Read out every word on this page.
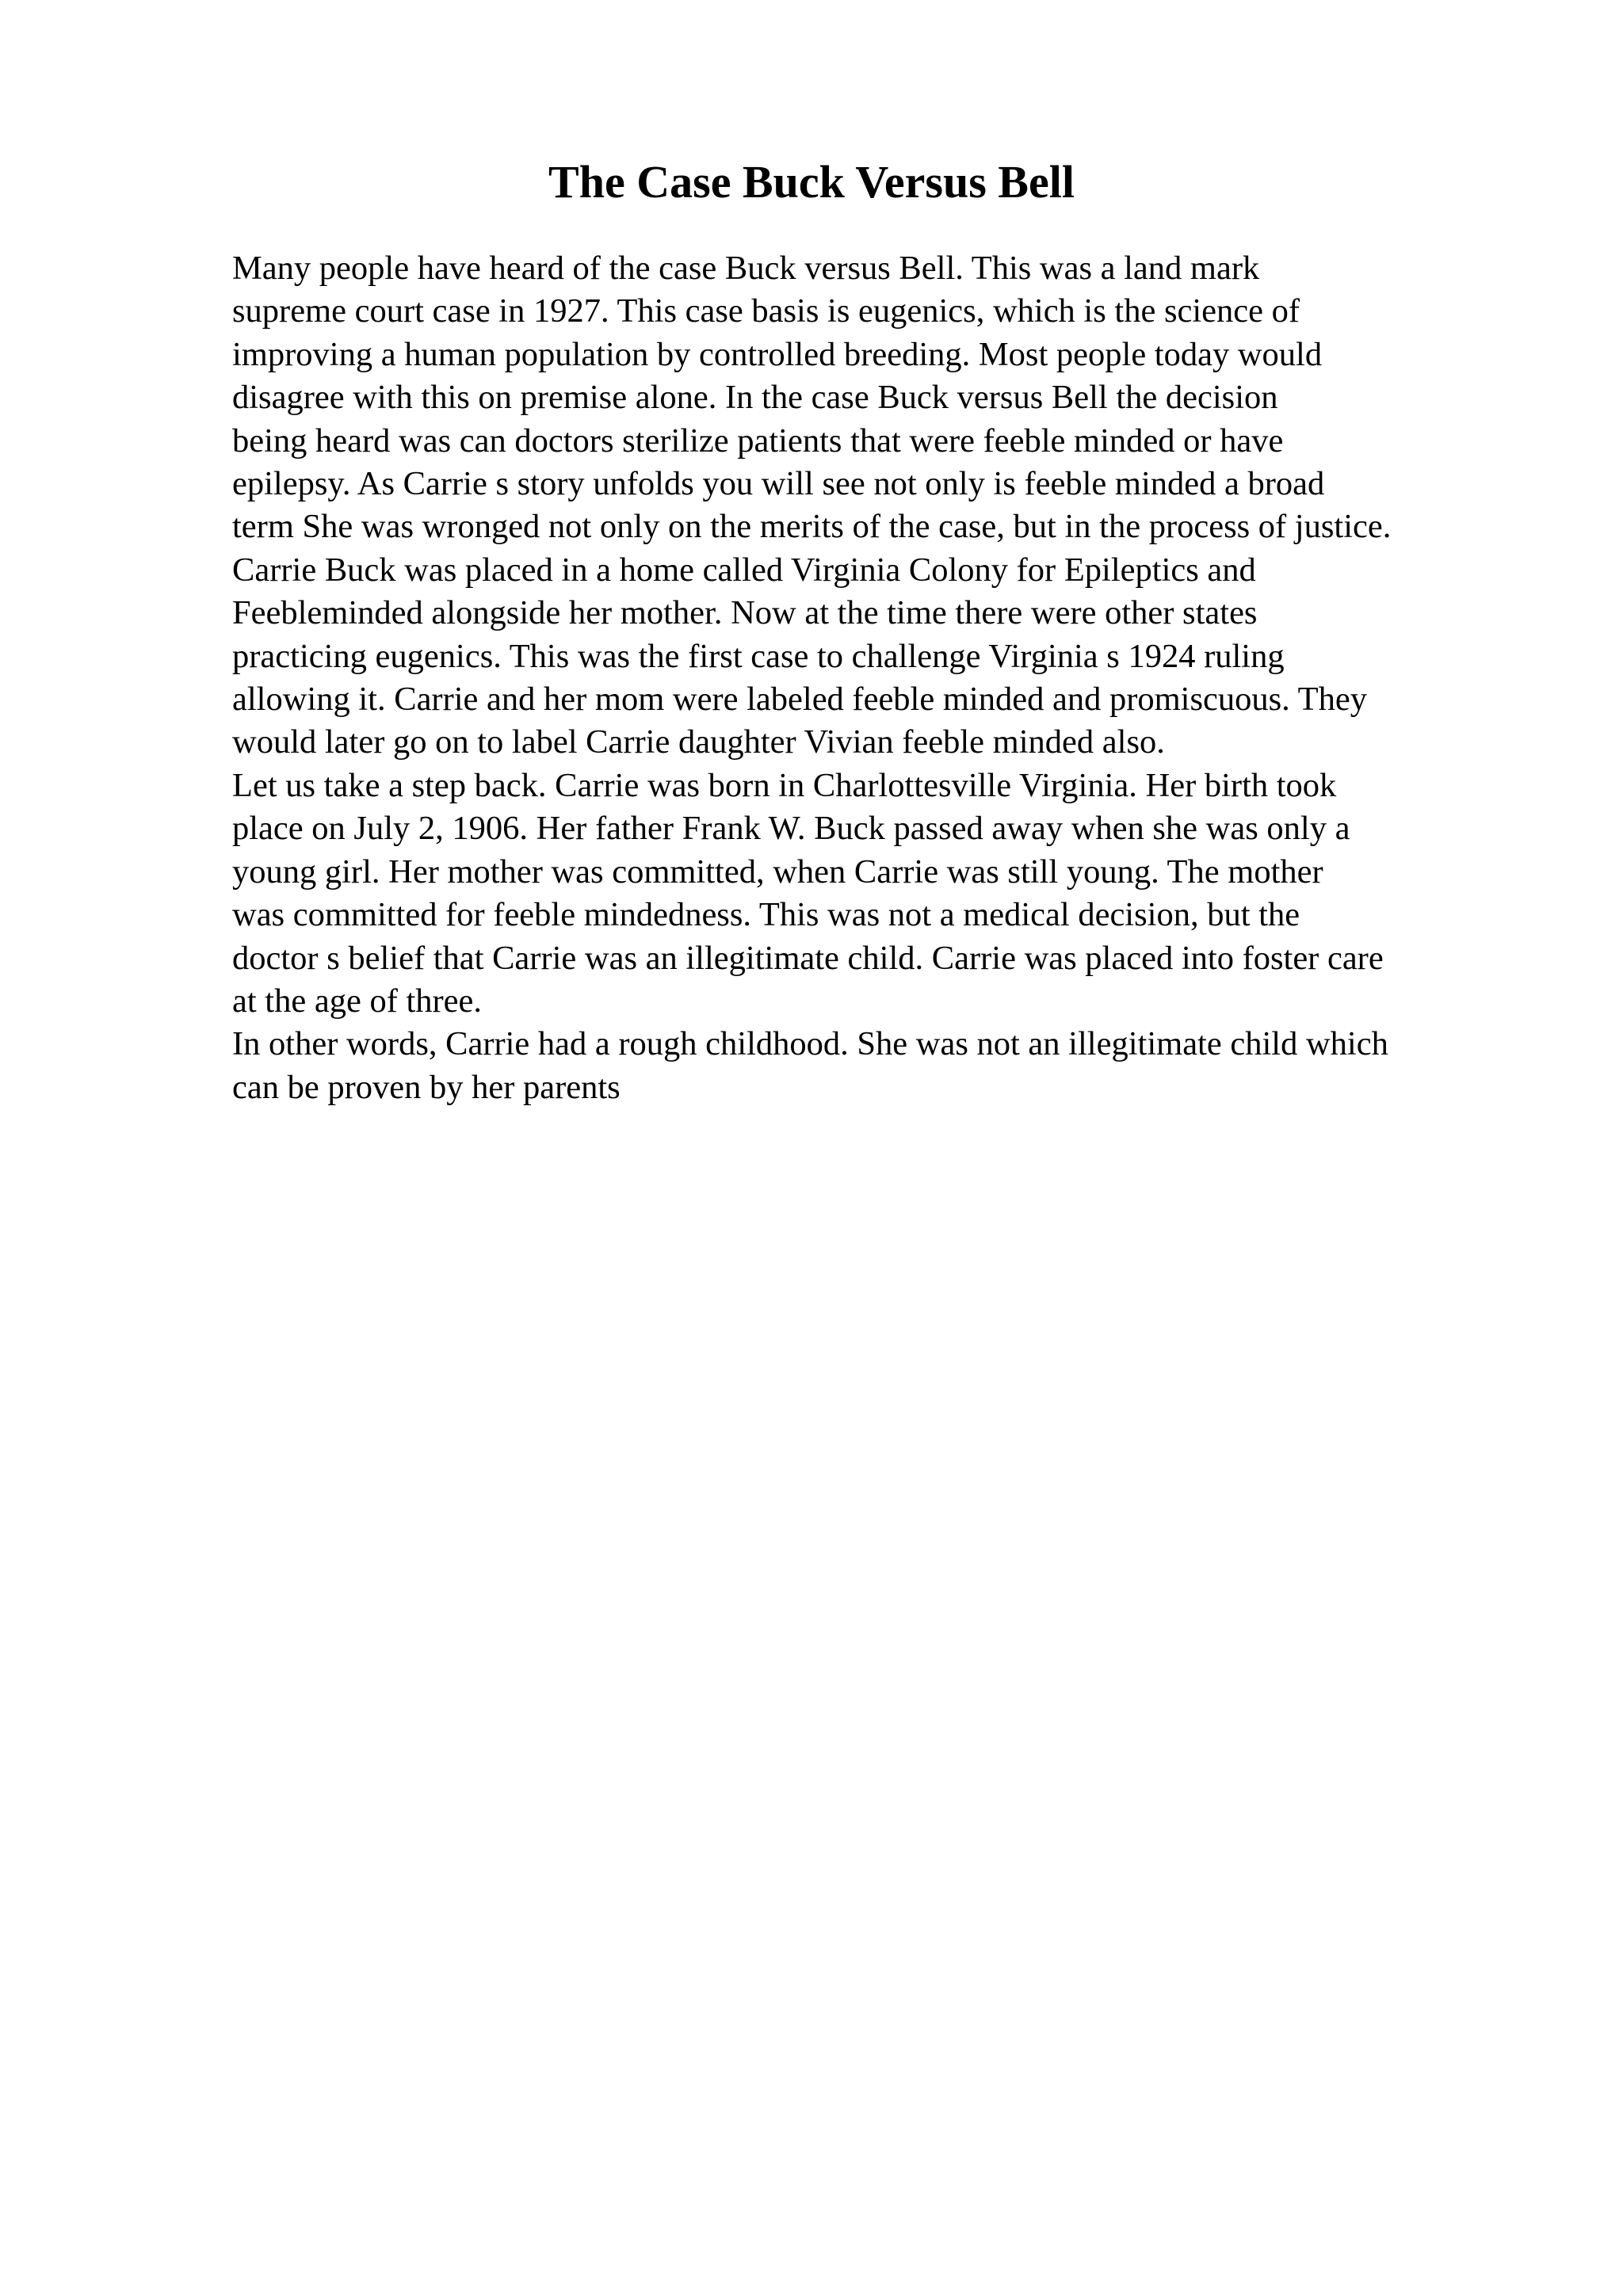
The Case Buck Versus Bell
Many people have heard of the case Buck versus Bell. This was a land mark
supreme court case in 1927. This case basis is eugenics, which is the science of
improving a human population by controlled breeding. Most people today would
disagree with this on premise alone. In the case Buck versus Bell the decision
being heard was can doctors sterilize patients that were feeble minded or have
epilepsy. As Carrie s story unfolds you will see not only is feeble minded a broad
term She was wronged not only on the merits of the case, but in the process of justice.
Carrie Buck was placed in a home called Virginia Colony for Epileptics and
Feebleminded alongside her mother. Now at the time there were other states
practicing eugenics. This was the first case to challenge Virginia s 1924 ruling
allowing it. Carrie and her mom were labeled feeble minded and promiscuous. They
would later go on to label Carrie daughter Vivian feeble minded also.
Let us take a step back. Carrie was born in Charlottesville Virginia. Her birth took
place on July 2, 1906. Her father Frank W. Buck passed away when she was only a
young girl. Her mother was committed, when Carrie was still young. The mother
was committed for feeble mindedness. This was not a medical decision, but the
doctor s belief that Carrie was an illegitimate child. Carrie was placed into foster care
at the age of three.
In other words, Carrie had a rough childhood. She was not an illegitimate child which
can be proven by her parents
